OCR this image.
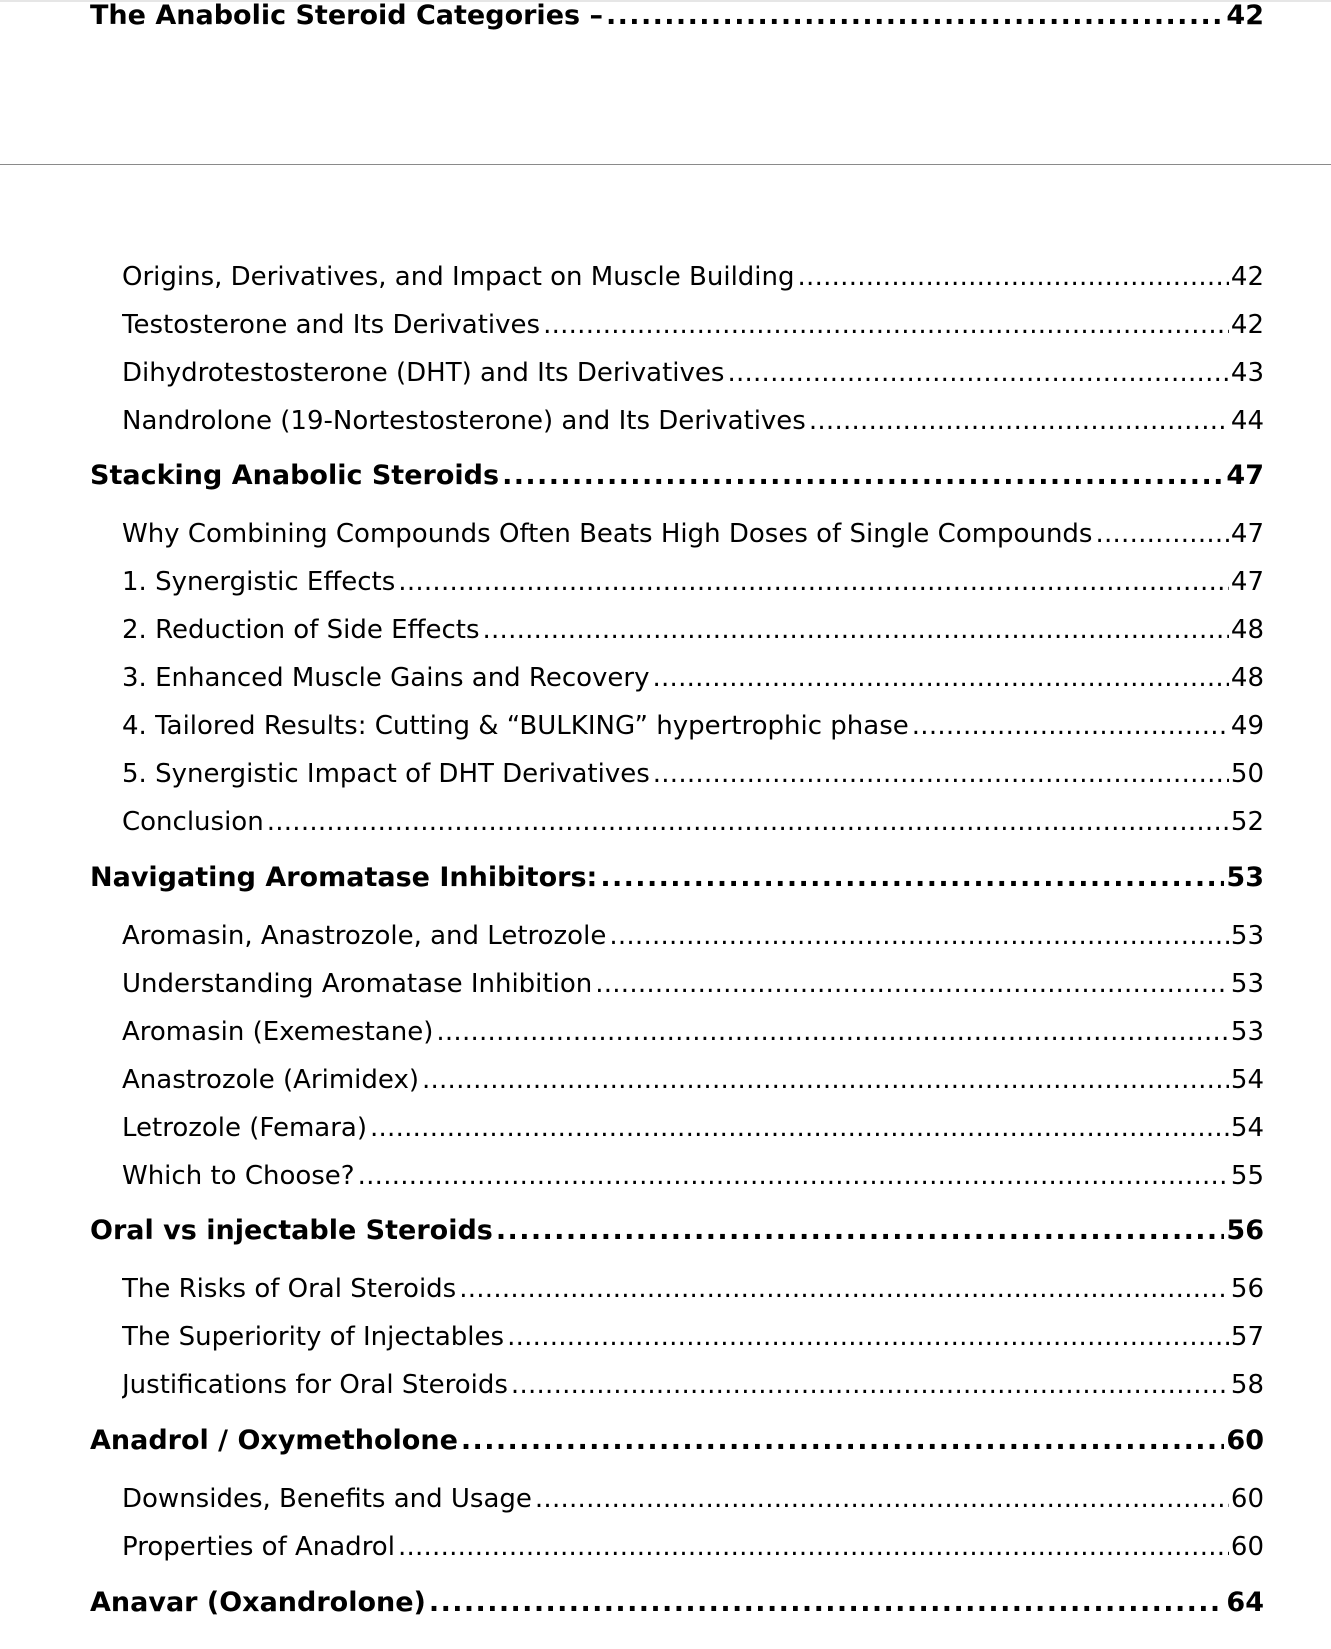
The Anabolic Steroid Categories – . . .	42
Origins, Derivatives, and Impact on Muscle Building . . .	42
Testosterone and Its Derivatives . . .	42
Dihydrotestosterone (DHT) and Its Derivatives . . .	43
Nandrolone (19-Nortestosterone) and Its Derivatives . . .	44
Stacking Anabolic Steroids . . .	47
Why Combining Compounds Often Beats High Doses of Single Compounds . . .	47
1. Synergistic Effects . . .	47
2. Reduction of Side Effects . . .	48
3. Enhanced Muscle Gains and Recovery . . .	48
4. Tailored Results: Cutting & “BULKING” hypertrophic phase . . .	49
5. Synergistic Impact of DHT Derivatives . . .	50
Conclusion . . .	52
Navigating Aromatase Inhibitors: . . .	53
Aromasin, Anastrozole, and Letrozole . . .	53
Understanding Aromatase Inhibition . . .	53
Aromasin (Exemestane) . . .	53
Anastrozole (Arimidex) . . .	54
Letrozole (Femara) . . .	54
Which to Choose? . . .	55
Oral vs injectable Steroids . . .	56
The Risks of Oral Steroids . . .	56
The Superiority of Injectables . . .	57
Justifications for Oral Steroids . . .	58
Anadrol / Oxymetholone . . .	60
Downsides, Benefits and Usage . . .	60
Properties of Anadrol . . .	60
Anavar (Oxandrolone) . . .	64
